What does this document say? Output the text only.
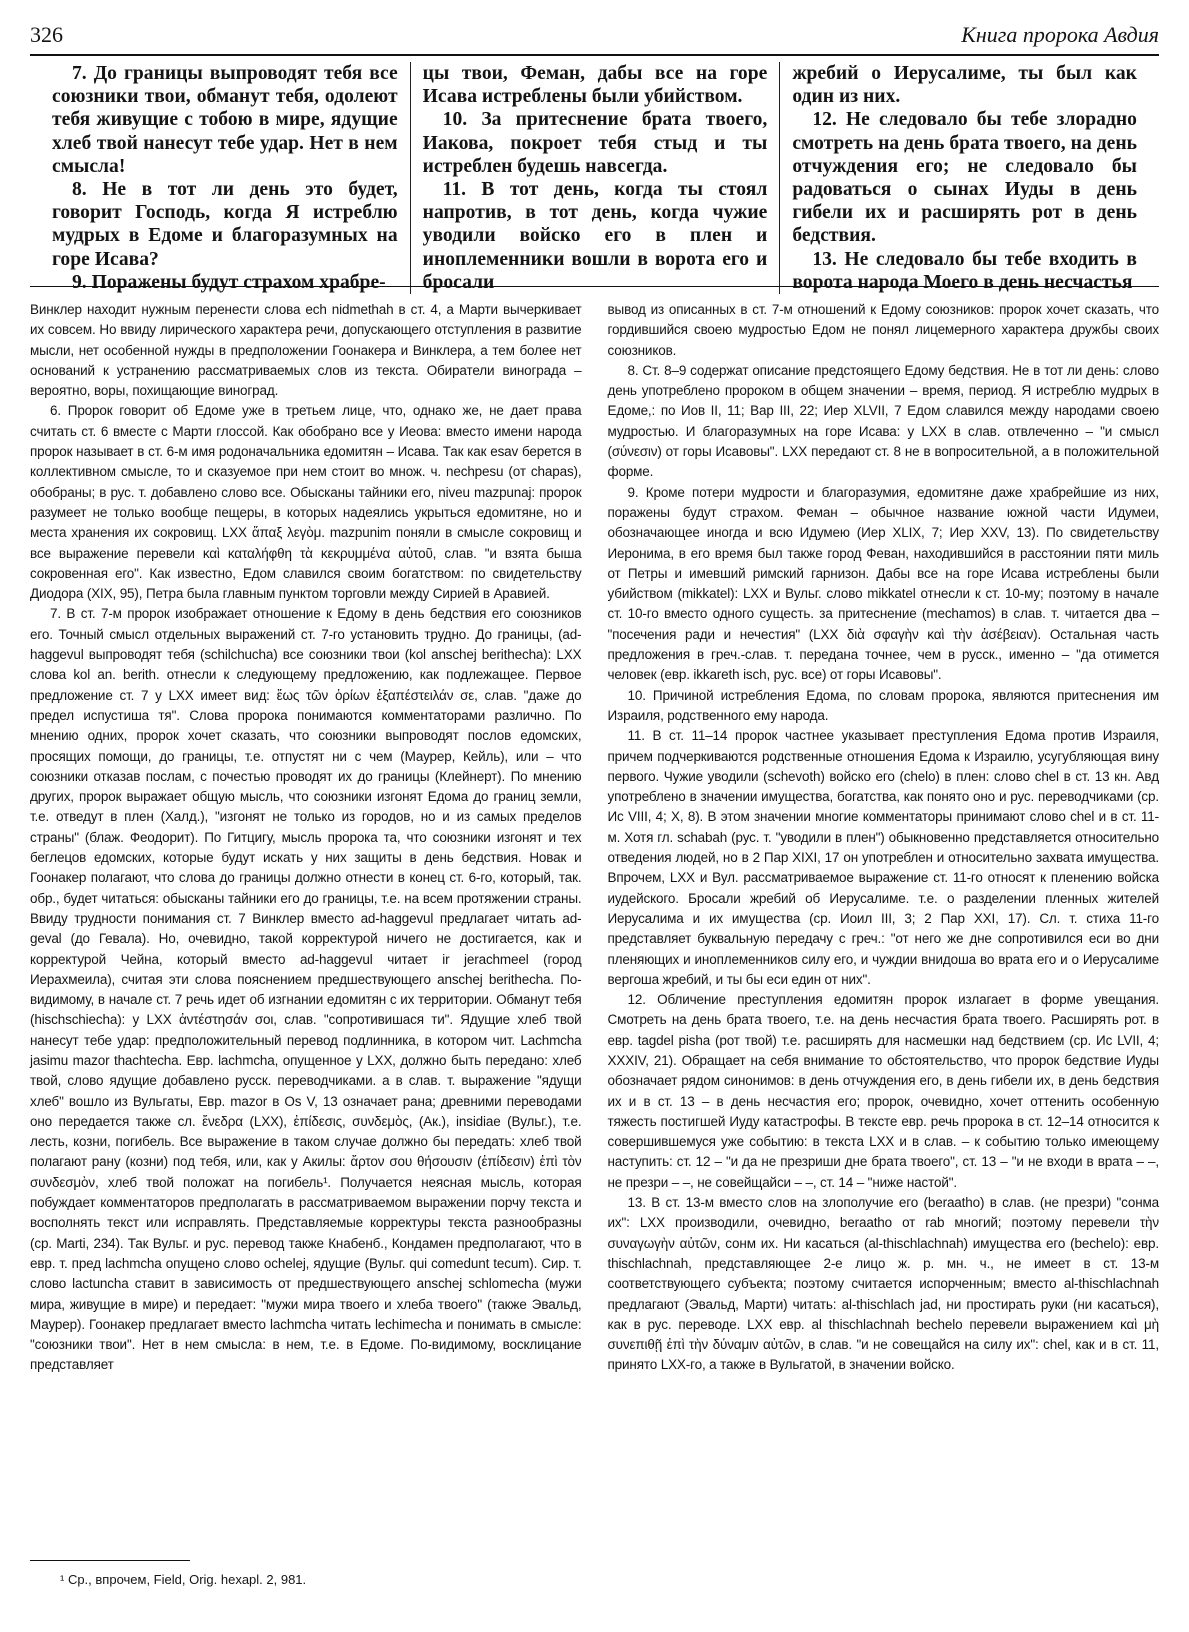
326	Книга пророка Авдия

7. До границы выпроводят тебя все союзники твои, обманут тебя, одолеют тебя живущие с тобою в мире, ядущие хлеб твой нанесут тебе удар. Нет в нем смысла!

8. Не в тот ли день это будет, говорит Господь, когда Я истреблю мудрых в Едоме и благоразумных на горе Исава?

9. Поражены будут страхом храбре-

цы твои, Феман, дабы все на горе Исава истреблены были убийством.

10. За притеснение брата твоего, Иакова, покроет тебя стыд и ты истреблен будешь навсегда.

11. В тот день, когда ты стоял напротив, в тот день, когда чужие уводили войско его в плен и иноплеменники вошли в ворота его и бросали

жребий о Иерусалиме, ты был как один из них.

12. Не следовало бы тебе злорадно смотреть на день брата твоего, на день отчуждения его; не следовало бы радоваться о сынах Иуды в день гибели их и расширять рот в день бедствия.

13. Не следовало бы тебе входить в ворота народа Моего в день несчастья

Винклер находит нужным перенести слова ech nidmethah в ст. 4, а Марти вычеркивает их совсем. Но ввиду лирического характера речи, допускающего отступления в развитие мысли, нет особенной нужды в предположении Гоонакера и Винклера, а тем более нет оснований к устранению рассматриваемых слов из текста. Обиратели винограда – вероятно, воры, похищающие виноград.

6. Пророк говорит об Едоме уже в третьем лице, что, однако же, не дает права считать ст. 6 вместе с Марти глоссой. Как обобрано все у Иеова: вместо имени народа пророк называет в ст. 6-м имя родоначальника едомитян – Исава. Так как esav берется в коллективном смысле, то и сказуемое при нем стоит во множ. ч. nechpesu (от chapas), обобраны; в рус. т. добавлено слово все. Обысканы тайники его, niveu mazpunaj: пророк разумеет не только вообще пещеры, в которых надеялись укрыться едомитяне, но и места хранения их сокровищ. LXX ἅπαξ λεγὸμ. mazpunim поняли в смысле сокровищ и все выражение перевели καὶ καταλήφθη τὰ κεκρυμμένα αὐτοῦ, слав. "и взята быша сокровенная его". Как известно, Едом славился своим богатством: по свидетельству Диодора (XIX, 95), Петра была главным пунктом торговли между Сирией в Аравией.

7. В ст. 7-м пророк изображает отношение к Едому в день бедствия его союзников его. Точный смысл отдельных выражений ст. 7-го установить трудно. До границы, (ad-haggevul выпроводят тебя (schilchucha) все союзники твои (kol anschej berithecha): LXX слова kol an. berith. отнесли к следующему предложению, как подлежащее. Первое предложение ст. 7 у LXX имеет вид: ἕως τῶν ὁρίων ἐξαπέστειλάν σε, слав. "даже до предел испустиша тя". Слова пророка понимаются комментаторами различно. По мнению одних, пророк хочет сказать, что союзники выпроводят послов едомских, просящих помощи, до границы, т.е. отпустят ни с чем (Маурер, Кейль), или – что союзники отказав послам, с почестью проводят их до границы (Клейнерт). По мнению других, пророк выражает общую мысль, что союзники изгонят Едома до границ земли, т.е. отведут в плен (Халд.), "изгонят не только из городов, но и из самых пределов страны" (блаж. Феодорит). По Гитцигу, мысль пророка та, что союзники изгонят и тех беглецов едомских, которые будут искать у них защиты в день бедствия. Новак и Гоонакер полагают, что слова до границы должно отнести в конец ст. 6-го, который, так. обр., будет читаться: обысканы тайники его до границы, т.е. на всем протяжении страны. Ввиду трудности понимания ст. 7 Винклер вместо ad-haggevul предлагает читать ad-geval (до Гевала). Но, очевидно, такой корректурой ничего не достигается, как и корректурой Чейна, который вместо ad-haggevul читает ir jerachmeel (город Иерахмеила), считая эти слова пояснением предшествующего anschej berithecha. По-видимому, в начале ст. 7 речь идет об изгнании едомитян с их территории. Обманут тебя (hischschiecha): у LXX ἀντέστησάν σοι, слав. "сопротивишася ти". Ядущие хлеб твой нанесут тебе удар: предположительный перевод подлинника, в котором чит. Lachmcha jasimu mazor thachtecha. Евр. lachmcha, опущенное у LXX, должно быть передано: хлеб твой, слово ядущие добавлено русск. переводчиками. а в слав. т. выражение "ядущи хлеб" вошло из Вульгаты, Евр. mazor в Os V, 13 означает рана; древними переводами оно передается также сл. ἔνεδρα (LXX), ἐπίδεσις, συνδεμὸς, (Ак.), insidiae (Вульг.), т.е. лесть, козни, погибель. Все выражение в таком случае должно бы передать: хлеб твой полагают рану (козни) под тебя, или, как у Акилы: ἄρτον σου θήσουσιν (ἐπίδεσιν) ἐπὶ τὸν συνδεσμὸν, хлеб твой положат на погибель¹. Получается неясная мысль, которая побуждает комментаторов предполагать в рассматриваемом выражении порчу текста и восполнять текст или исправлять. Представляемые корректуры текста разнообразны (ср. Marti, 234). Так Вульг. и рус. перевод также Кнабенб., Кондамен предполагают, что в евр. т. пред lachmcha опущено слово ochelej, ядущие (Вульг. qui comedunt tecum). Сир. т. слово lactuncha ставит в зависимость от предшествующего anschej schlomecha (мужи мира, живущие в мире) и передает: "мужи мира твоего и хлеба твоего" (также Эвальд, Маурер). Гоонакер предлагает вместо lachmcha читать lechimecha и понимать в смысле: "союзники твои". Нет в нем смысла: в нем, т.е. в Едоме. По-видимому, восклицание представляет

вывод из описанных в ст. 7-м отношений к Едому союзников: пророк хочет сказать, что гордившийся своею мудростью Едом не понял лицемерного характера дружбы своих союзников.

8. Ст. 8–9 содержат описание предстоящего Едому бедствия. Не в тот ли день: слово день употреблено пророком в общем значении – время, период. Я истреблю мудрых в Едоме,: по Иов II, 11; Вар III, 22; Иер XLVII, 7 Едом славился между народами своею мудростью. И благоразумных на горе Исава: у LXX в слав. отвлеченно – "и смысл (σύνεσιν) от горы Исавовы". LXX передают ст. 8 не в вопросительной, а в положительной форме.

9. Кроме потери мудрости и благоразумия, едомитяне даже храбрейшие из них, поражены будут страхом. Феман – обычное название южной части Идумеи, обозначающее иногда и всю Идумею (Иер XLIX, 7; Иер XXV, 13). По свидетельству Иеронима, в его время был также город Феван, находившийся в расстоянии пяти миль от Петры и имевший римский гарнизон. Дабы все на горе Исава истреблены были убийством (mikkatel): LXX и Вульг. слово mikkatel отнесли к ст. 10-му; поэтому в начале ст. 10-го вместо одного сущесть. за притеснение (mechamos) в слав. т. читается два – "посечения ради и нечестия" (LXX διὰ σφαγὴν καὶ τὴν ἀσέβειαν). Остальная часть предложения в греч.-слав. т. передана точнее, чем в русск., именно – "да отимется человек (евр. ikkareth isch, рус. все) от горы Исавовы".

10. Причиной истребления Едома, по словам пророка, являются притеснения им Израиля, родственного ему народа.

11. В ст. 11–14 пророк частнее указывает преступления Едома против Израиля, причем подчеркиваются родственные отношения Едома к Израилю, усугубляющая вину первого. Чужие уводили (schevoth) войско его (chelo) в плен: слово chel в ст. 13 кн. Авд употреблено в значении имущества, богатства, как понято оно и рус. переводчиками (ср. Ис VIII, 4; X, 8). В этом значении многие комментаторы принимают слово chel и в ст. 11-м. Хотя гл. schabah (рус. т. "уводили в плен") обыкновенно представляется относительно отведения людей, но в 2 Пар XIXI, 17 он употреблен и относительно захвата имущества. Впрочем, LXX и Вул. рассматриваемое выражение ст. 11-го относят к пленению войска иудейского. Бросали жребий об Иерусалиме. т.е. о разделении пленных жителей Иерусалима и их имущества (ср. Иоил III, 3; 2 Пар XXI, 17). Сл. т. стиха 11-го представляет буквальную передачу с греч.: "от него же дне сопротивился еси во дни пленяющих и иноплеменников силу его, и чуждии внидоша во врата его и о Иерусалиме вергоша жребий, и ты бы еси един от них".

12. Обличение преступления едомитян пророк излагает в форме увещания. Смотреть на день брата твоего, т.е. на день несчастия брата твоего. Расширять рот. в евр. tagdel pisha (рот твой) т.е. расширять для насмешки над бедствием (ср. Ис LVII, 4; XXXIV, 21). Обращает на себя внимание то обстоятельство, что пророк бедствие Иуды обозначает рядом синонимов: в день отчуждения его, в день гибели их, в день бедствия их и в ст. 13 – в день несчастия его; пророк, очевидно, хочет оттенить особенную тяжесть постигшей Иуду катастрофы. В тексте евр. речь пророка в ст. 12–14 относится к совершившемуся уже событию: в текста LXX и в слав. – к событию только имеющему наступить: ст. 12 – "и да не презриши дне брата твоего", ст. 13 – "и не входи в врата – –, не презри – –, не совейщайси – –, ст. 14 – "ниже настой".

13. В ст. 13-м вместо слов на злополучие его (beraatho) в слав. (не презри) "сонма их": LXX производили, очевидно, beraatho от rab многий; поэтому перевели τὴν συναγωγὴν αὐτῶν, сонм их. Ни касаться (al-thischlachnah) имущества его (bechelo): евр. thischlachnah, представляющее 2-е лицо ж. р. мн. ч., не имеет в ст. 13-м соответствующего субъекта; поэтому считается испорченным; вместо al-thischlachnah предлагают (Эвальд, Марти) читать: al-thischlach jad, ни простирать руки (ни касаться), как в рус. переводе. LXX евр. al thischlachnah bechelo перевели выражением καὶ μὴ συνεπιθῇ ἐπὶ τὴν δύναμιν αὐτῶν, в слав. "и не совещайся на силу их": chel, как и в ст. 11, принято LXX-го, а также в Вульгатой, в значении войско.

¹ Ср., впрочем, Field, Orig. hexapl. 2, 981.
